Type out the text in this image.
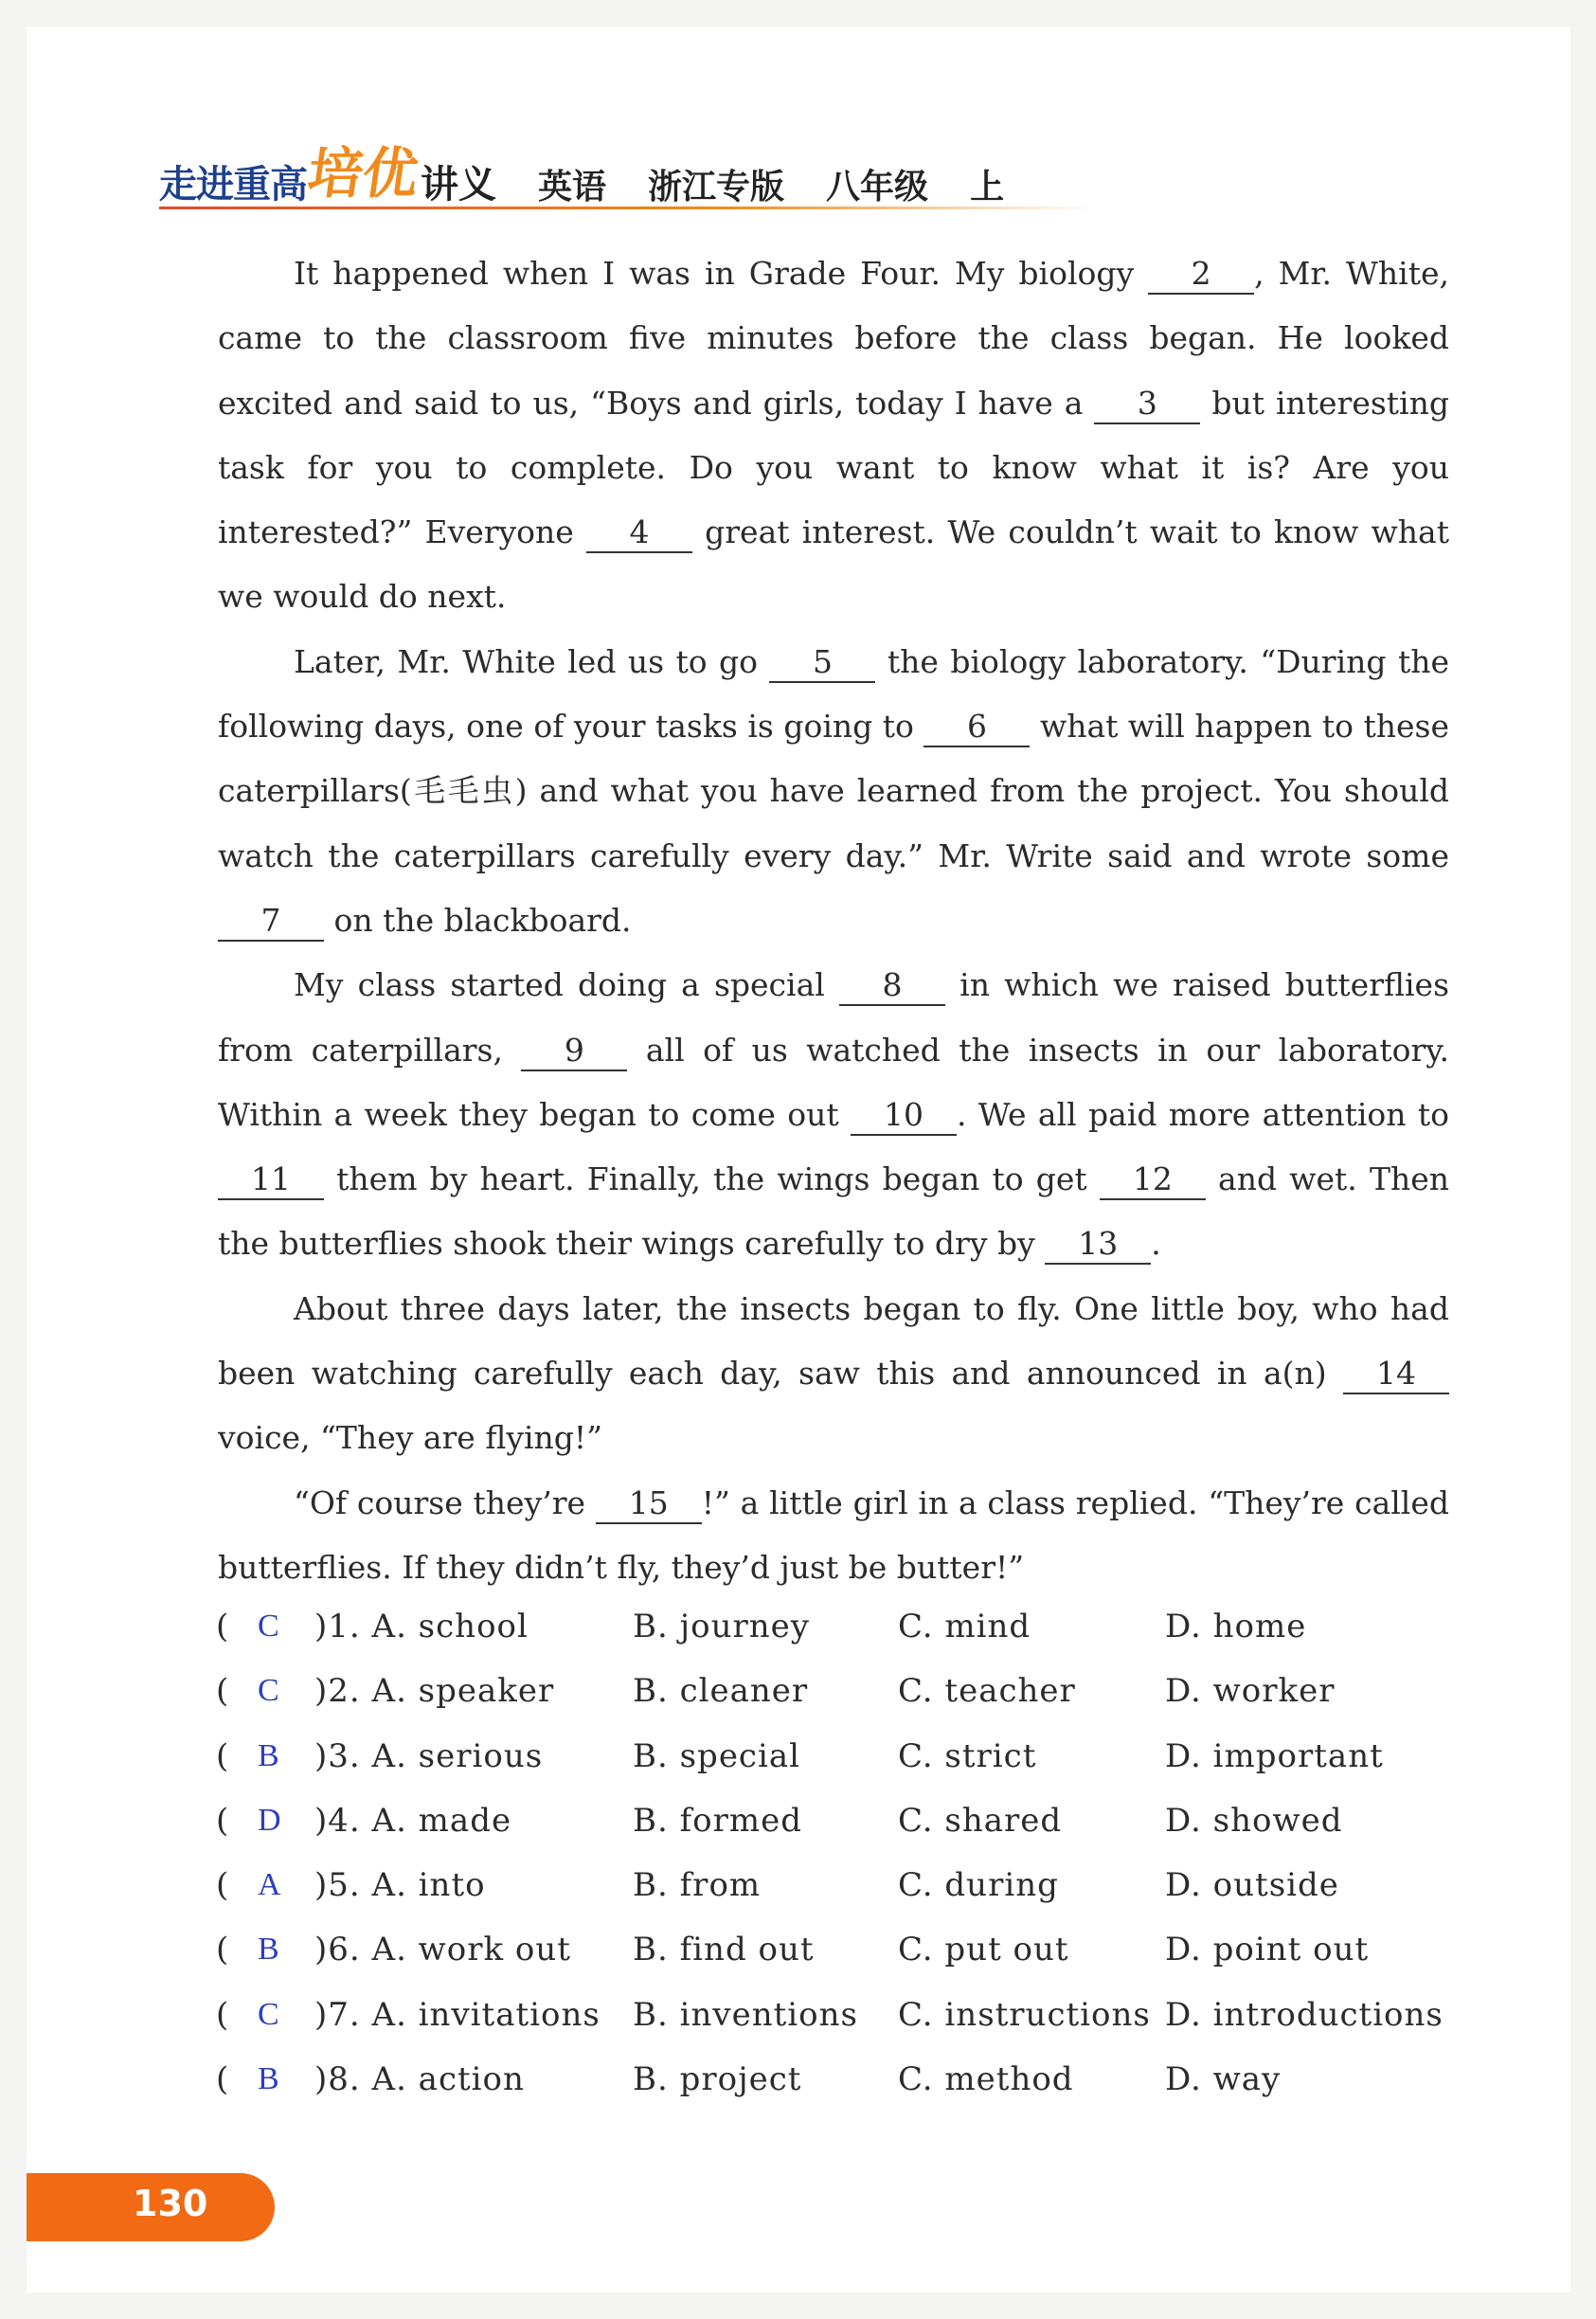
走进重高
培优
讲义 英语 浙江专版 八年级 上

It happened when I was in Grade Four. My biology 2 , Mr. White, came to the classroom five minutes before the class began. He looked excited and said to us, “Boys and girls, today I have a 3 but interesting task for you to complete. Do you want to know what it is? Are you interested?” Everyone 4 great interest. We couldn’t wait to know what we would do next.

Later, Mr. White led us to go 5 the biology laboratory. “During the following days, one of your tasks is going to 6 what will happen to these caterpillars(毛毛虫) and what you have learned from the project. You should watch the caterpillars carefully every day.” Mr. Write said and wrote some 7 on the blackboard.

My class started doing a special 8 in which we raised butterflies from caterpillars, 9 all of us watched the insects in our laboratory. Within a week they began to come out 10 . We all paid more attention to 11 them by heart. Finally, the wings began to get 12 and wet. Then the butterflies shook their wings carefully to dry by 13 .

About three days later, the insects began to fly. One little boy, who had been watching carefully each day, saw this and announced in a(n) 14 voice, “They are flying!”

“Of course they’re 15 !” a little girl in a class replied. “They’re called butterflies. If they didn’t fly, they’d just be butter!”

( C )1. A. school	B. journey	C. mind	D. home
( C )2. A. speaker B. cleaner	C. teacher	D. worker
( B )3. A. serious	B. special	C. strict	D. important
( D )4. A. made	B. formed	C. shared	D. showed
( A )5. A. into	B. from	C. during	D. outside
( B )6. A. work out B. find out	C. put out	D. point out
( C )7. A. invitations B. inventions C. instructions D. introductions
( B )8. A. action	B. project	C. method	D. way
130
